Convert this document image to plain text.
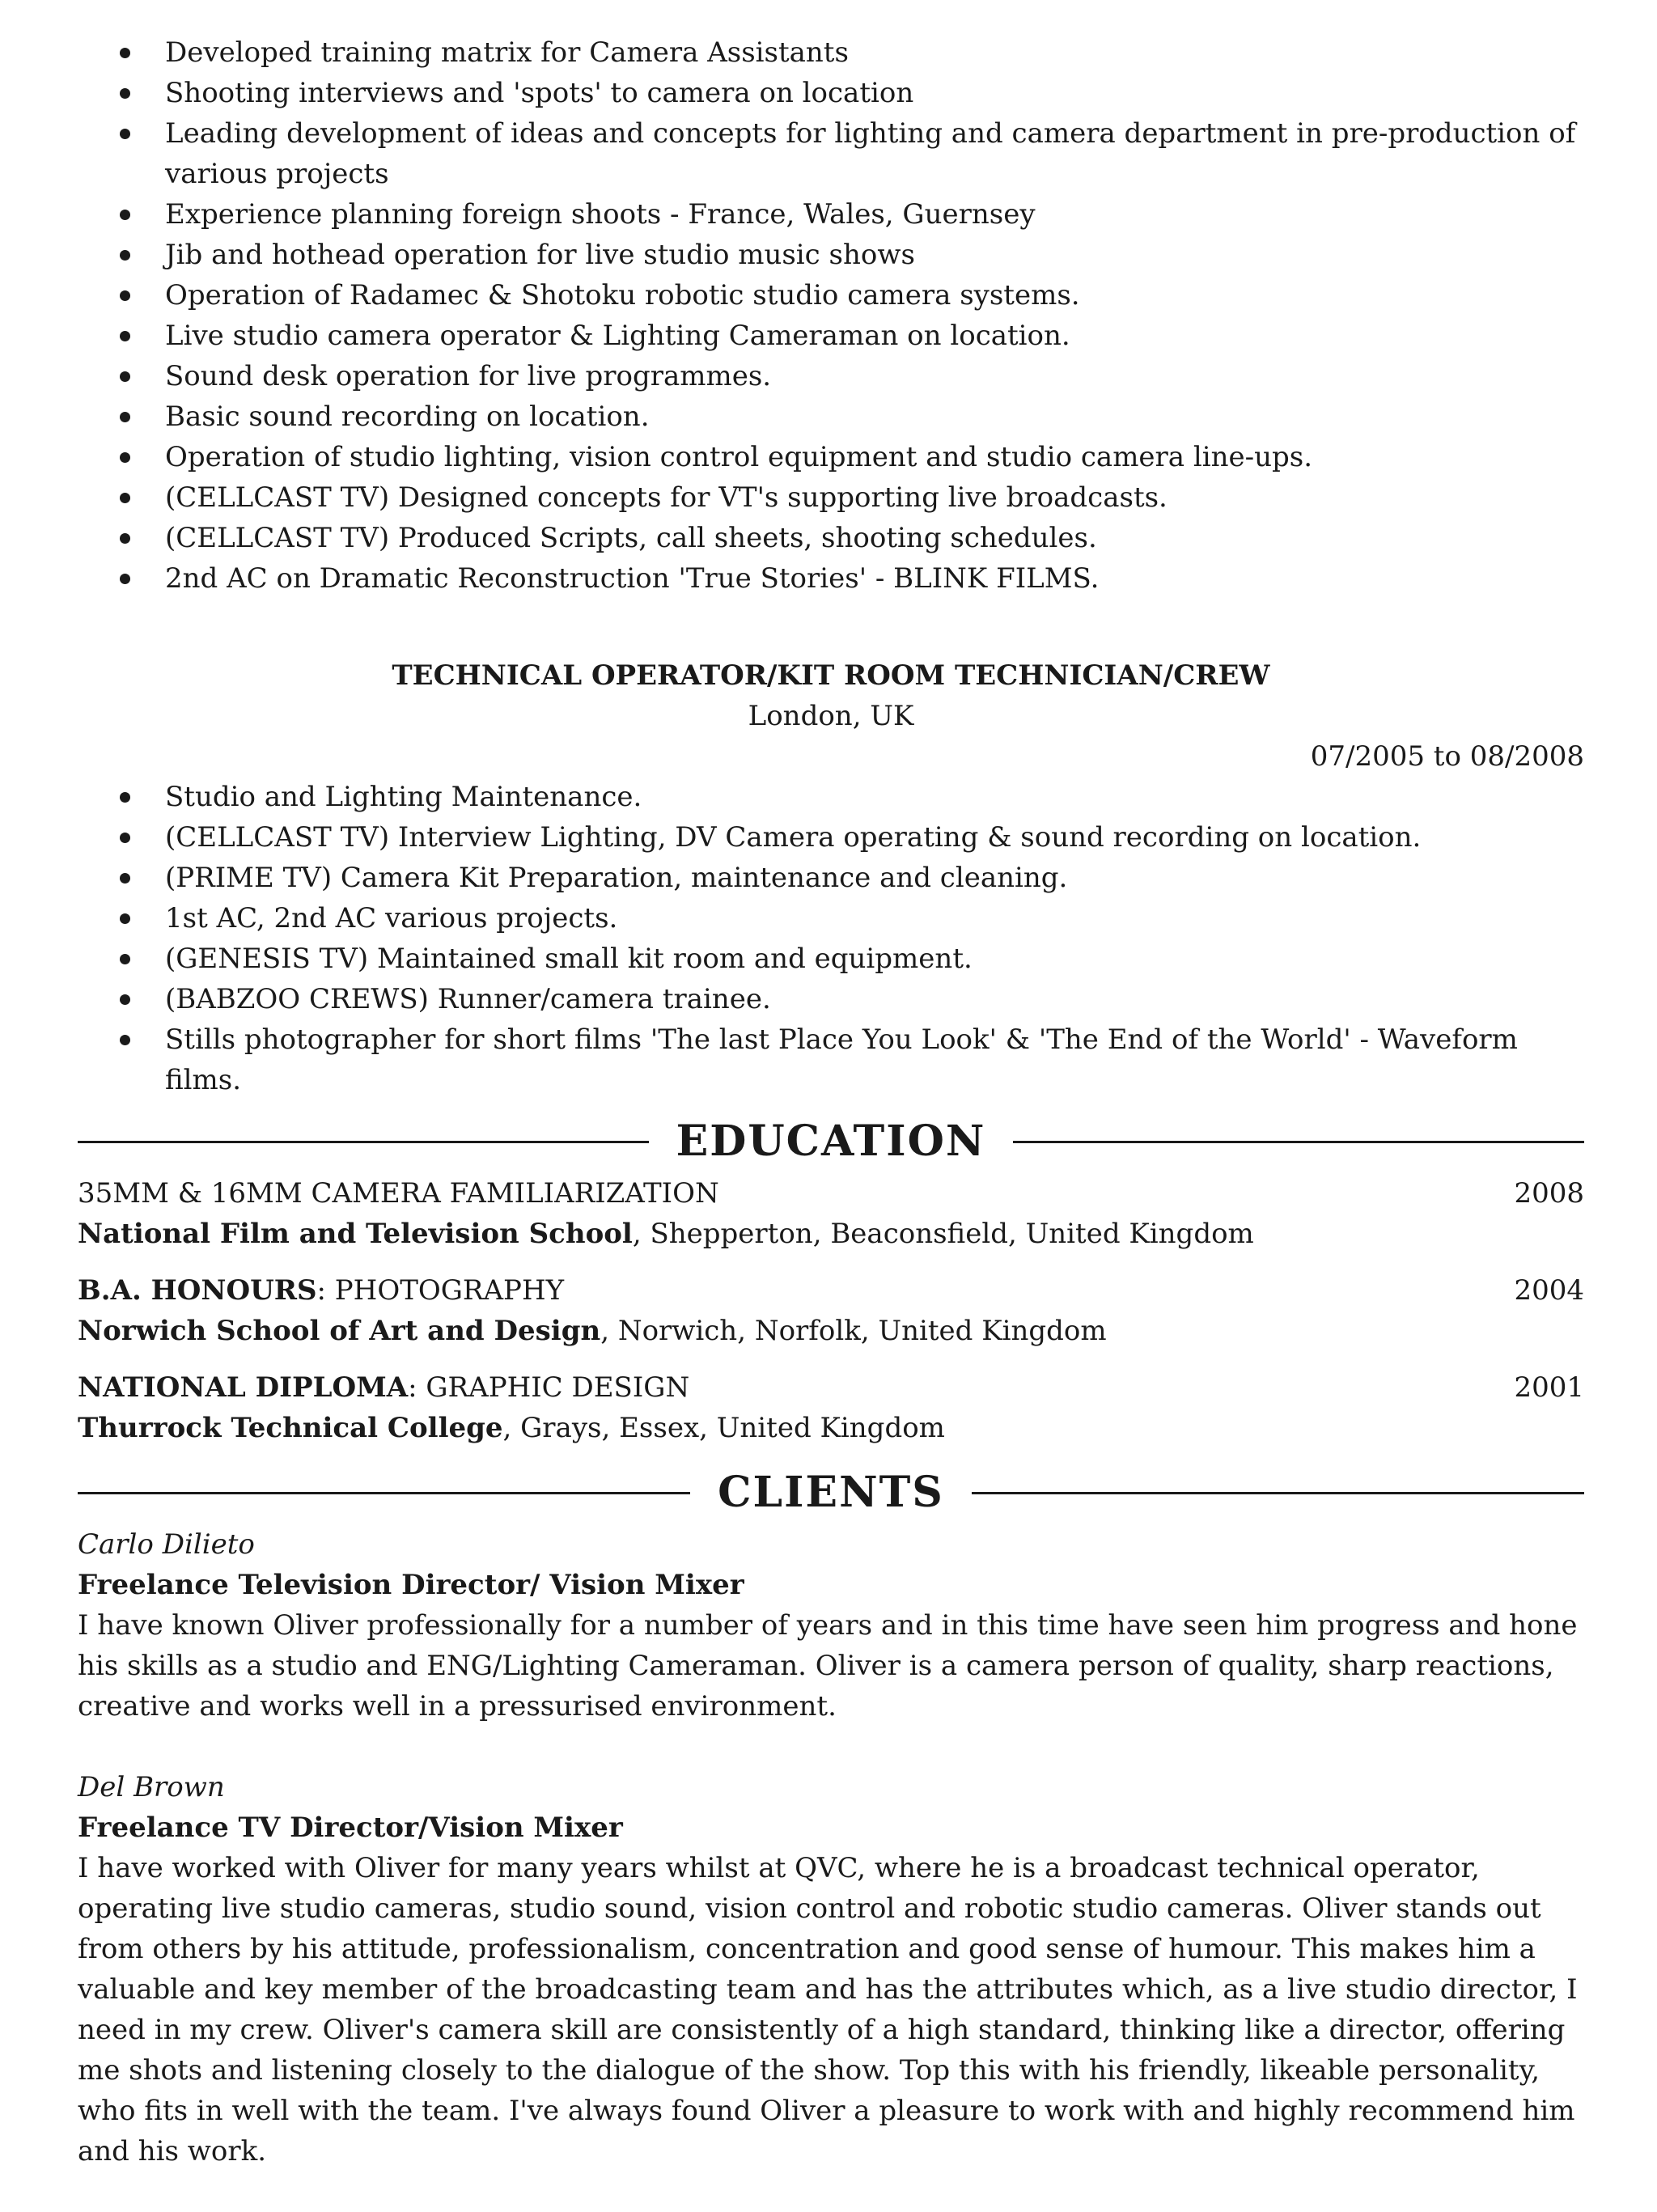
Developed training matrix for Camera Assistants
Shooting interviews and 'spots' to camera on location
Leading development of ideas and concepts for lighting and camera department in pre-production of various projects
Experience planning foreign shoots - France, Wales, Guernsey
Jib and hothead operation for live studio music shows
Operation of Radamec & Shotoku robotic studio camera systems.
Live studio camera operator & Lighting Cameraman on location.
Sound desk operation for live programmes.
Basic sound recording on location.
Operation of studio lighting, vision control equipment and studio camera line-ups.
(CELLCAST TV) Designed concepts for VT's supporting live broadcasts.
(CELLCAST TV) Produced Scripts, call sheets, shooting schedules.
2nd AC on Dramatic Reconstruction 'True Stories' - BLINK FILMS.
TECHNICAL OPERATOR/KIT ROOM TECHNICIAN/CREW
London, UK
07/2005 to 08/2008
Studio and Lighting Maintenance.
(CELLCAST TV) Interview Lighting, DV Camera operating & sound recording on location.
(PRIME TV) Camera Kit Preparation, maintenance and cleaning.
1st AC, 2nd AC various projects.
(GENESIS TV) Maintained small kit room and equipment.
(BABZOO CREWS) Runner/camera trainee.
Stills photographer for short films 'The last Place You Look' & 'The End of the World' - Waveform films.
EDUCATION
35MM & 16MM CAMERA FAMILIARIZATION	2008
National Film and Television School, Shepperton, Beaconsfield, United Kingdom
B.A. HONOURS: PHOTOGRAPHY	2004
Norwich School of Art and Design, Norwich, Norfolk, United Kingdom
NATIONAL DIPLOMA: GRAPHIC DESIGN	2001
Thurrock Technical College, Grays, Essex, United Kingdom
CLIENTS
Carlo Dilieto
Freelance Television Director/ Vision Mixer
I have known Oliver professionally for a number of years and in this time have seen him progress and hone his skills as a studio and ENG/Lighting Cameraman. Oliver is a camera person of quality, sharp reactions, creative and works well in a pressurised environment.
Del Brown
Freelance TV Director/Vision Mixer
I have worked with Oliver for many years whilst at QVC, where he is a broadcast technical operator, operating live studio cameras, studio sound, vision control and robotic studio cameras. Oliver stands out from others by his attitude, professionalism, concentration and good sense of humour. This makes him a valuable and key member of the broadcasting team and has the attributes which, as a live studio director, I need in my crew. Oliver's camera skill are consistently of a high standard, thinking like a director, offering me shots and listening closely to the dialogue of the show. Top this with his friendly, likeable personality, who fits in well with the team. I've always found Oliver a pleasure to work with and highly recommend him and his work.
